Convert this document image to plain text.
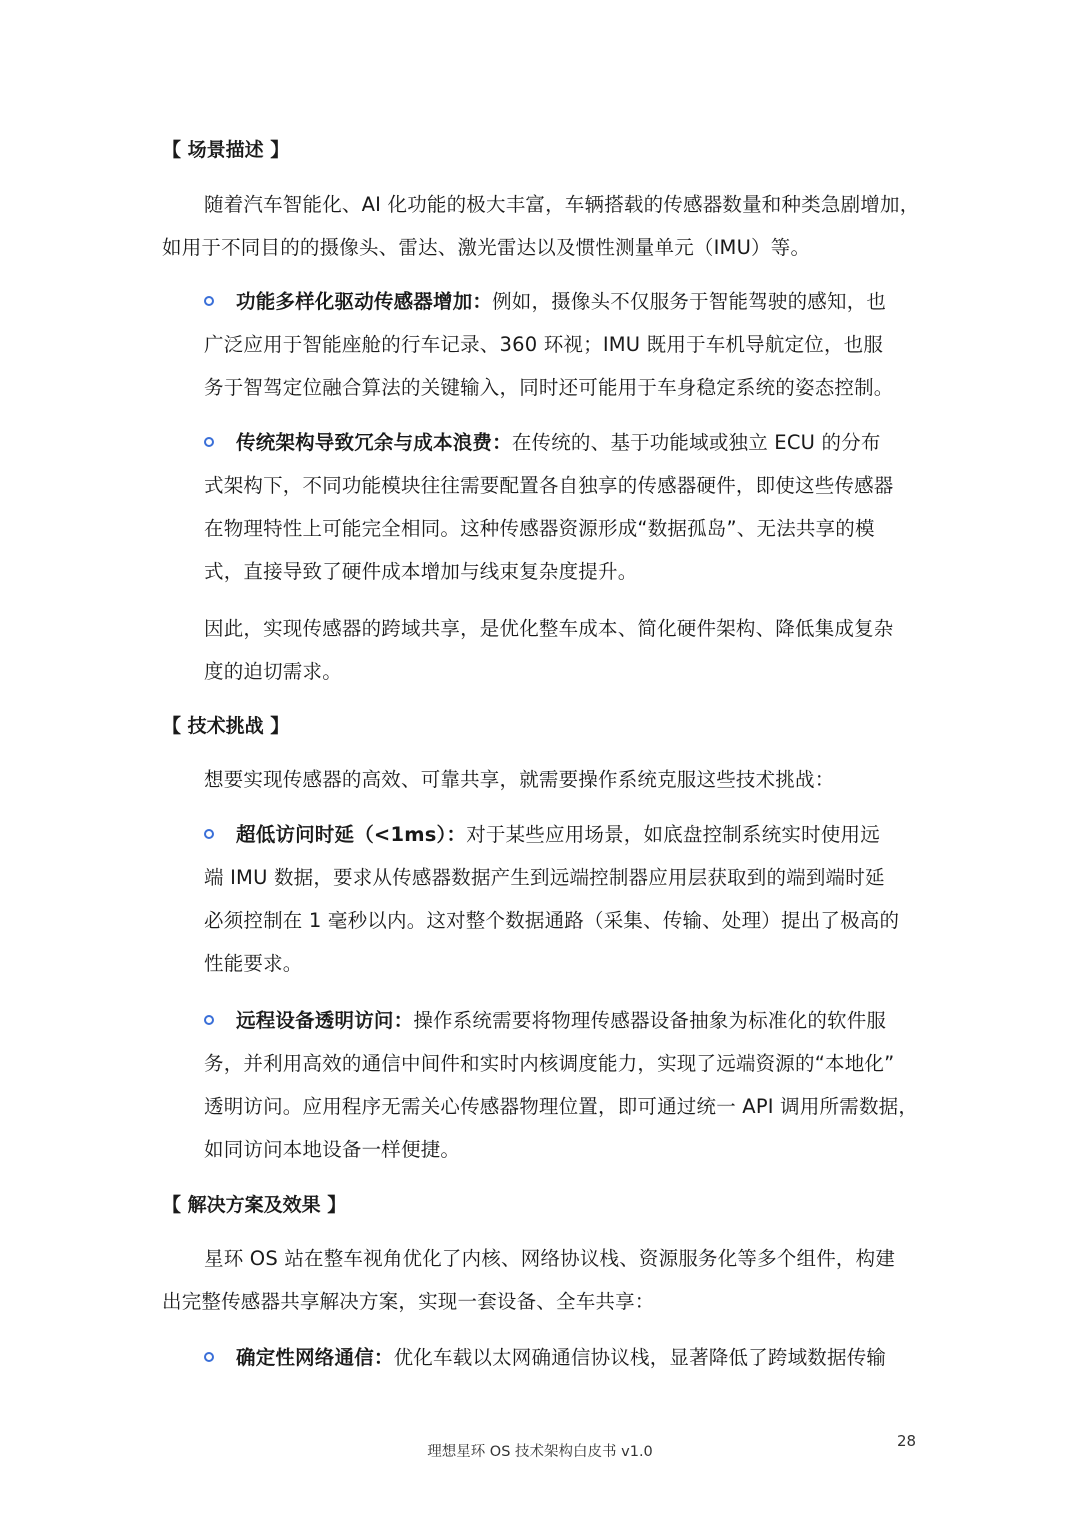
【 场景描述 】
随着汽车智能化、AI 化功能的极大丰富，车辆搭载的传感器数量和种类急剧增加，
如用于不同目的的摄像头、雷达、激光雷达以及惯性测量单元（IMU）等。
功能多样化驱动传感器增加：例如，摄像头不仅服务于智能驾驶的感知，也
广泛应用于智能座舱的行车记录、360 环视；IMU 既用于车机导航定位，也服
务于智驾定位融合算法的关键输入，同时还可能用于车身稳定系统的姿态控制。
传统架构导致冗余与成本浪费：在传统的、基于功能域或独立 ECU 的分布
式架构下，不同功能模块往往需要配置各自独享的传感器硬件，即使这些传感器
在物理特性上可能完全相同。这种传感器资源形成“数据孤岛”、无法共享的模
式，直接导致了硬件成本增加与线束复杂度提升。
因此，实现传感器的跨域共享，是优化整车成本、简化硬件架构、降低集成复杂
度的迫切需求。
【 技术挑战 】
想要实现传感器的高效、可靠共享，就需要操作系统克服这些技术挑战：
超低访问时延（<1ms）：对于某些应用场景，如底盘控制系统实时使用远
端 IMU 数据，要求从传感器数据产生到远端控制器应用层获取到的端到端时延
必须控制在 1 毫秒以内。这对整个数据通路（采集、传输、处理）提出了极高的
性能要求。
远程设备透明访问：操作系统需要将物理传感器设备抽象为标准化的软件服
务，并利用高效的通信中间件和实时内核调度能力，实现了远端资源的“本地化”
透明访问。应用程序无需关心传感器物理位置，即可通过统一 API 调用所需数据，
如同访问本地设备一样便捷。
【 解决方案及效果 】
星环 OS 站在整车视角优化了内核、网络协议栈、资源服务化等多个组件，构建
出完整传感器共享解决方案，实现一套设备、全车共享：
确定性网络通信：优化车载以太网确通信协议栈，显著降低了跨域数据传输
理想星环 OS 技术架构白皮书 v1.0
28
